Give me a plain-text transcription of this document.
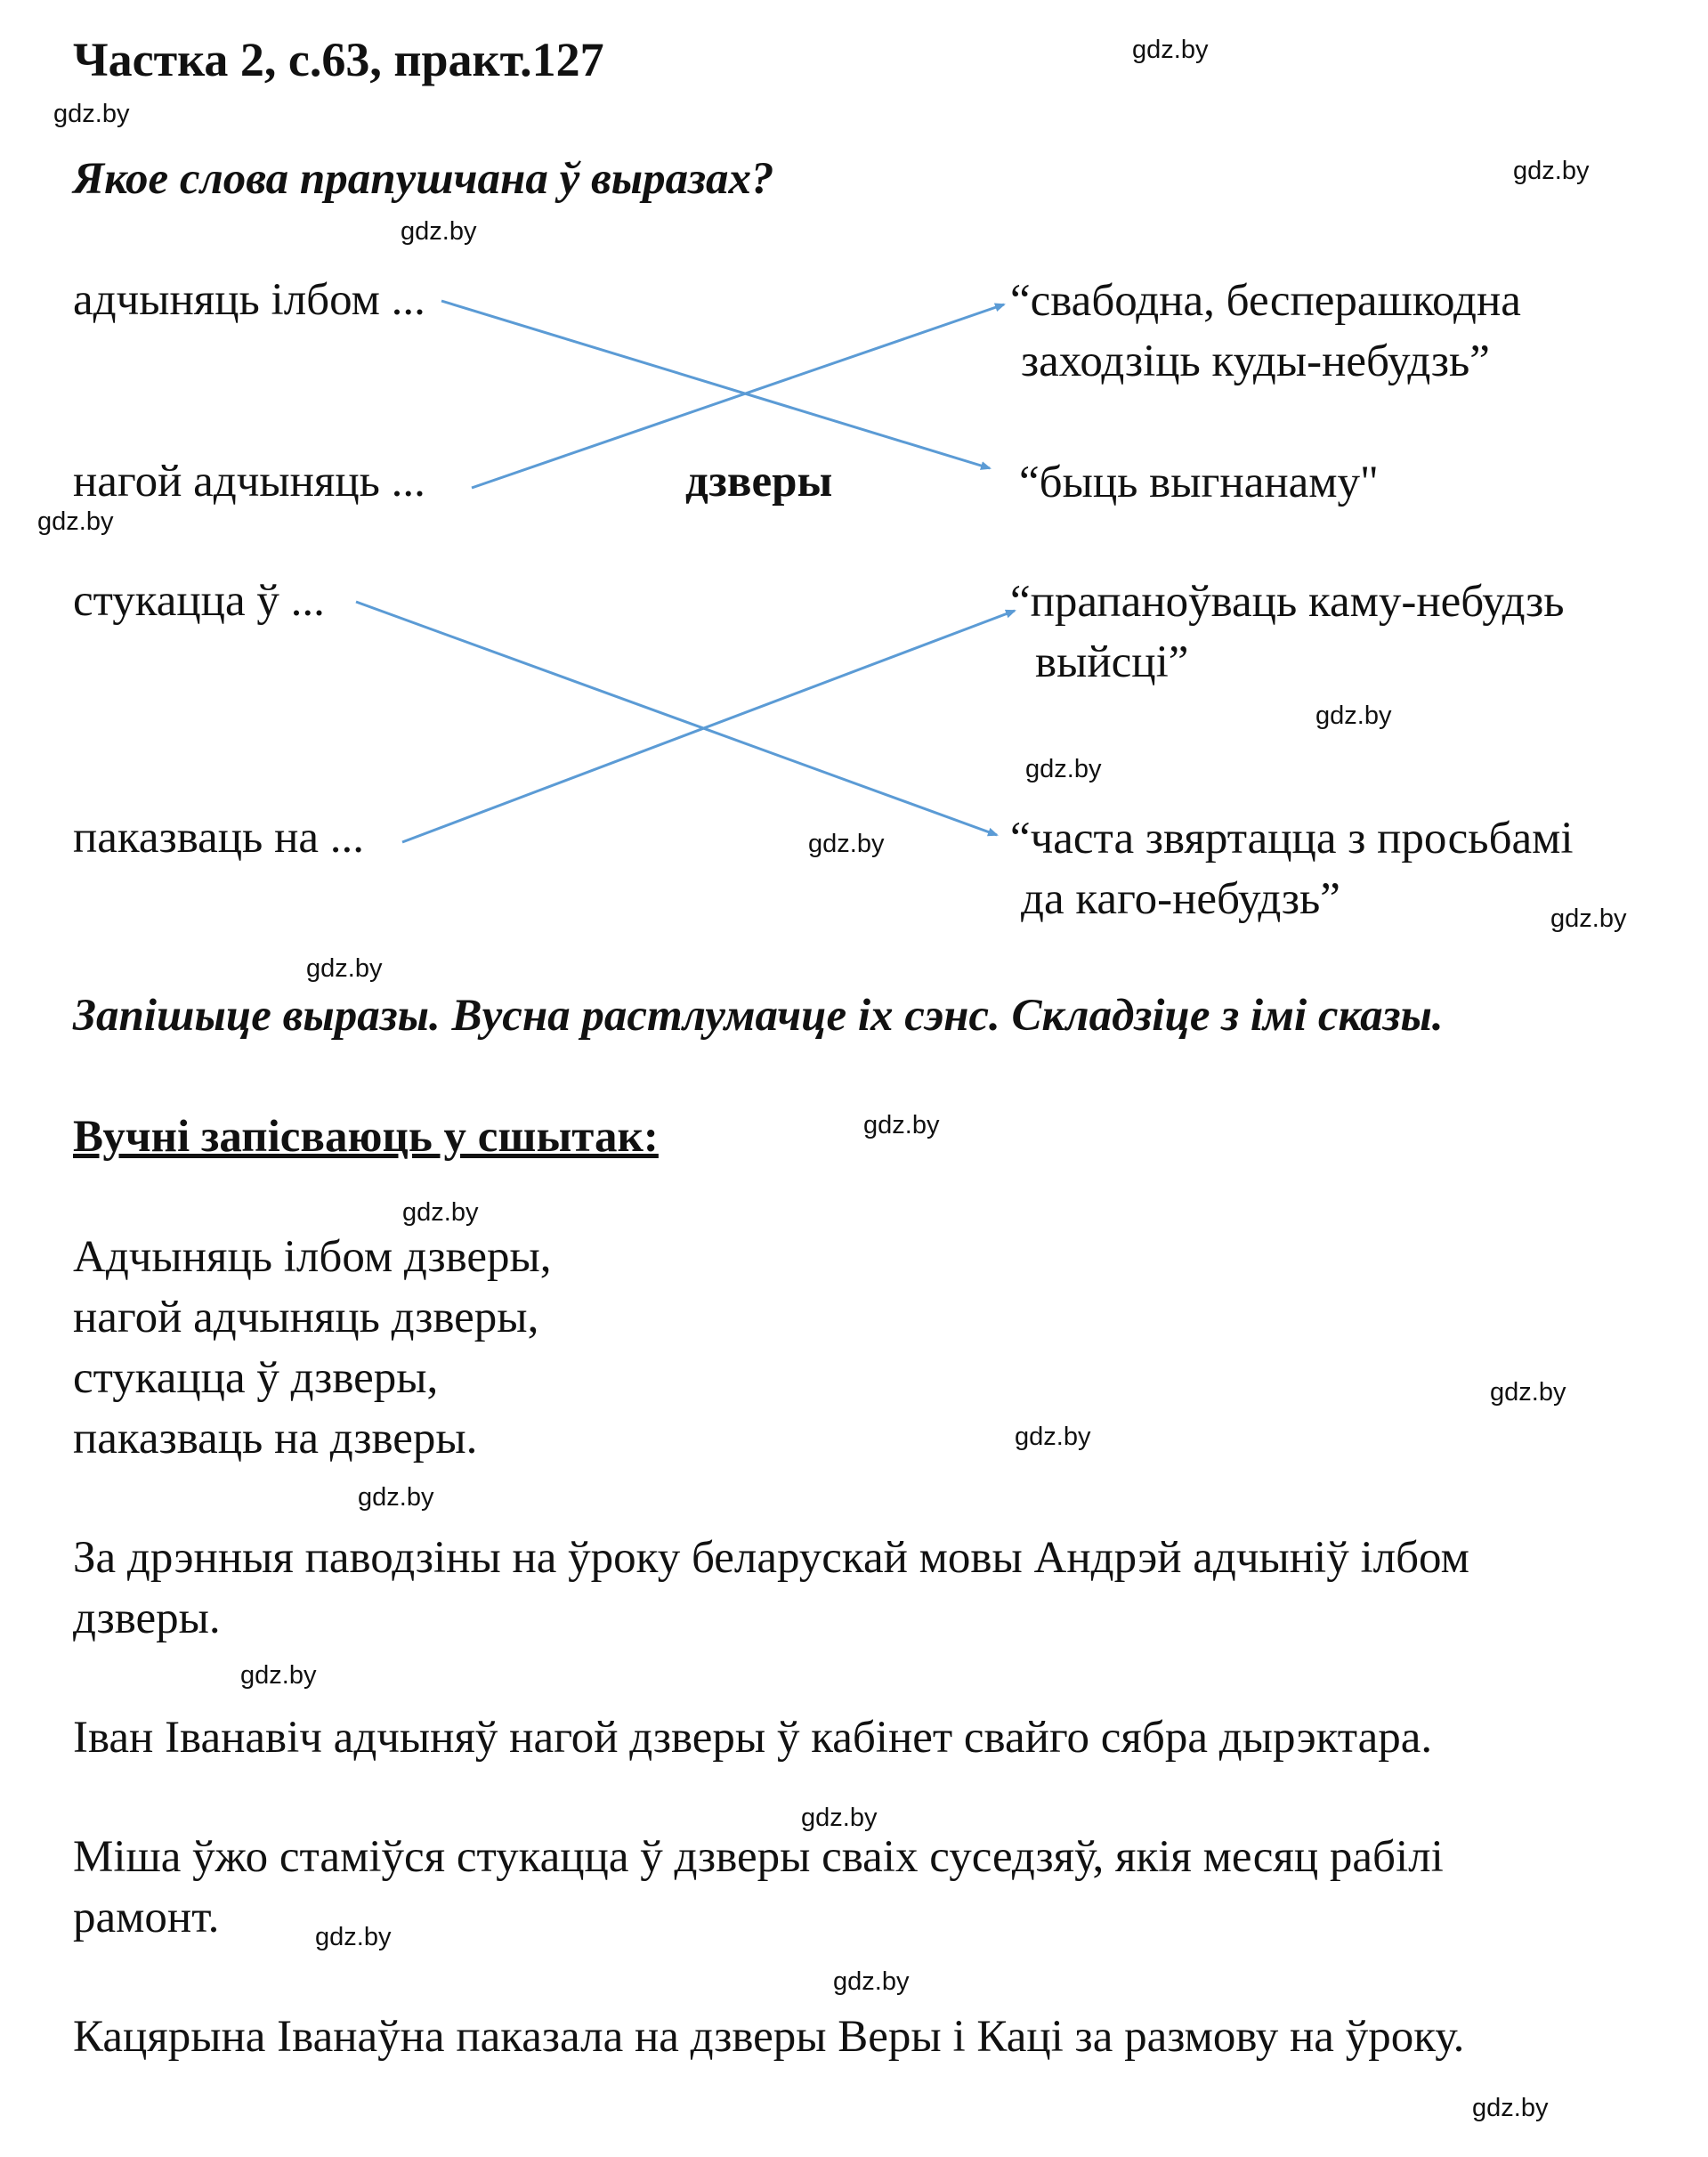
Частка 2, с.63, практ.127
Якое слова прапушчана ў выразах?
адчыняць ілбом ...
нагой адчыняць ...
стукацца ў ...
паказваць на ...
дзверы
“свабодна, бесперашкодна
заходзіць куды-небудзь”
“быць выгнанаму"
“прапаноўваць каму-небудзь
выйсці”
“часта звяртацца з просьбамі
да каго-небудзь”
Запішыце выразы. Вусна растлумачце іх сэнс. Складзіце з імі сказы.
Вучні запісваюць у сшытак:
Адчыняць ілбом дзверы,
нагой адчыняць дзверы,
стукацца ў дзверы,
паказваць на дзверы.
За дрэнныя паводзіны на ўроку беларускай мовы Андрэй адчыніў ілбом
дзверы.
Іван Іванавіч адчыняў нагой дзверы ў кабінет свайго сябра дырэктара.
Міша ўжо стаміўся стукацца ў дзверы сваіх суседзяў, якія месяц рабілі
рамонт.
Кацярына Іванаўна паказала на дзверы Веры і Каці за размову на ўроку.
gdz.by
gdz.by
gdz.by
gdz.by
gdz.by
gdz.by
gdz.by
gdz.by
gdz.by
gdz.by
gdz.by
gdz.by
gdz.by
gdz.by
gdz.by
gdz.by
gdz.by
gdz.by
gdz.by
gdz.by
